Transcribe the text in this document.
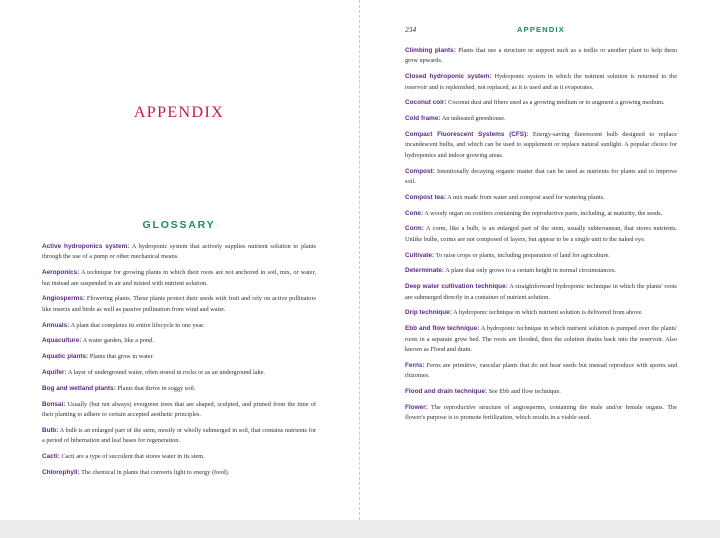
APPENDIX
GLOSSARY

Active hydroponics system: A hydroponic system that actively supplies nutrient solution to plants through the use of a pump or other mechanical means.

Aeroponics: A technique for growing plants in which their roots are not anchored in soil, mix, or water, but instead are suspended in air and misted with nutrient solution.

Angiosperms: Flowering plants. These plants protect their seeds with fruit and rely on active pollinators like insects and birds as well as passive pollination from wind and water.

Annuals: A plant that completes its entire lifecycle in one year.

Aquaculture: A water garden, like a pond.

Aquatic plants: Plants that grow in water.

Aquifer: A layer of underground water, often stored in rocks or as an underground lake.

Bog and wetland plants: Plants that thrive in soggy soil.

Bonsai: Usually (but not always) evergreen trees that are shaped, sculpted, and pruned from the time of their planting to adhere to certain accepted aesthetic principles.

Bulb: A bulb is an enlarged part of the stem, mostly or wholly submerged in soil, that contains nutrients for a period of hibernation and leaf bases for regeneration.

Cacti: Cacti are a type of succulent that stores water in its stem.

Chlorophyll: The chemical in plants that converts light to energy (food).

234	APPENDIX

Climbing plants: Plants that use a structure or support such as a trellis or another plant to help them grow upwards.

Closed hydroponic system: Hydroponic system in which the nutrient solution is returned to the reservoir and is replenished, not replaced, as it is used and as it evaporates.

Coconut coir: Coconut dust and fibers used as a growing medium or to augment a growing medium.

Cold frame: An unheated greenhouse.

Compact Fluorescent Systems (CFS): Energy-saving fluorescent bulb designed to replace incandescent bulbs, and which can be used to supplement or replace natural sunlight. A popular choice for hydroponics and indoor growing areas.

Compost: Intentionally decaying organic matter that can be used as nutrients for plants and to improve soil.

Compost tea: A mix made from water and compost used for watering plants.

Cone: A woody organ on conifers containing the reproductive parts, including, at maturity, the seeds.

Corm: A corm, like a bulb, is an enlarged part of the stem, usually subterranean, that stores nutrients. Unlike bulbs, corms are not composed of layers, but appear to be a single unit to the naked eye.

Cultivate: To raise crops or plants, including preparation of land for agriculture.

Determinate: A plant that only grows to a certain height in normal circumstances.

Deep water cultivation technique: A straightforward hydroponic technique in which the plants' roots are submerged directly in a container of nutrient solution.

Drip technique: A hydroponic technique in which nutrient solution is delivered from above.

Ebb and flow technique: A hydroponic technique in which nutrient solution is pumped over the plants' roots in a separate grow bed. The roots are flooded, then the solution drains back into the reservoir. Also known as Flood and drain.

Ferns: Ferns are primitive, vascular plants that do not bear seeds but instead reproduce with spores and rhizomes.

Flood and drain technique: See Ebb and flow technique.

Flower: The reproductive structure of angiosperms, containing the male and/or female organs. The flower's purpose is to promote fertilization, which results in a viable seed.
